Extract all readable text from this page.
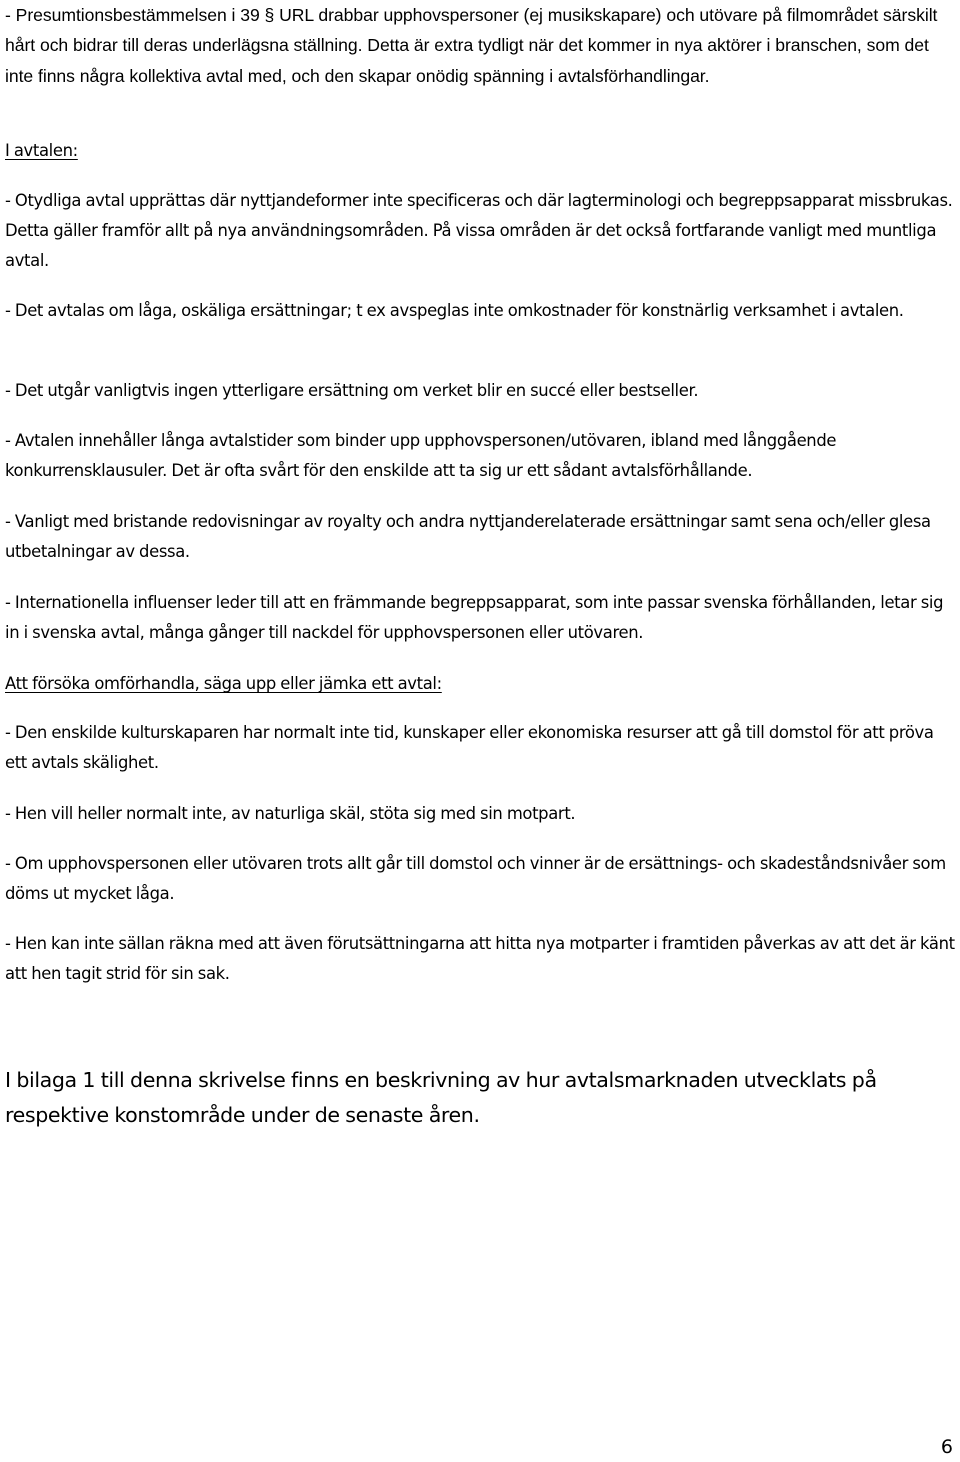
- Presumtionsbestämmelsen i 39 § URL drabbar upphovspersoner (ej musikskapare) och utövare på filmområdet särskilt hårt och bidrar till deras underlägsna ställning. Detta är extra tydligt när det kommer in nya aktörer i branschen, som det inte finns några kollektiva avtal med, och den skapar onödig spänning i avtalsförhandlingar.

I avtalen:

- Otydliga avtal upprättas där nyttjandeformer inte specificeras och där lagterminologi och begreppsapparat missbrukas. Detta gäller framför allt på nya användningsområden. På vissa områden är det också fortfarande vanligt med muntliga avtal.

- Det avtalas om låga, oskäliga ersättningar; t ex avspeglas inte omkostnader för konstnärlig verksamhet i avtalen.

- Det utgår vanligtvis ingen ytterligare ersättning om verket blir en succé eller bestseller.

- Avtalen innehåller långa avtalstider som binder upp upphovspersonen/utövaren, ibland med långgående konkurrensklausuler. Det är ofta svårt för den enskilde att ta sig ur ett sådant avtalsförhållande.

- Vanligt med bristande redovisningar av royalty och andra nyttjanderelaterade ersättningar samt sena och/eller glesa utbetalningar av dessa.

- Internationella influenser leder till att en främmande begreppsapparat, som inte passar svenska förhållanden, letar sig in i svenska avtal, många gånger till nackdel för upphovspersonen eller utövaren.

Att försöka omförhandla, säga upp eller jämka ett avtal:

- Den enskilde kulturskaparen har normalt inte tid, kunskaper eller ekonomiska resurser att gå till domstol för att pröva ett avtals skälighet.

- Hen vill heller normalt inte, av naturliga skäl, stöta sig med sin motpart.

- Om upphovspersonen eller utövaren trots allt går till domstol och vinner är de ersättnings- och skadeståndsnivåer som döms ut mycket låga.

- Hen kan inte sällan räkna med att även förutsättningarna att hitta nya motparter i framtiden påverkas av att det är känt att hen tagit strid för sin sak.

I bilaga 1 till denna skrivelse finns en beskrivning av hur avtalsmarknaden utvecklats på respektive konstområde under de senaste åren.

6
